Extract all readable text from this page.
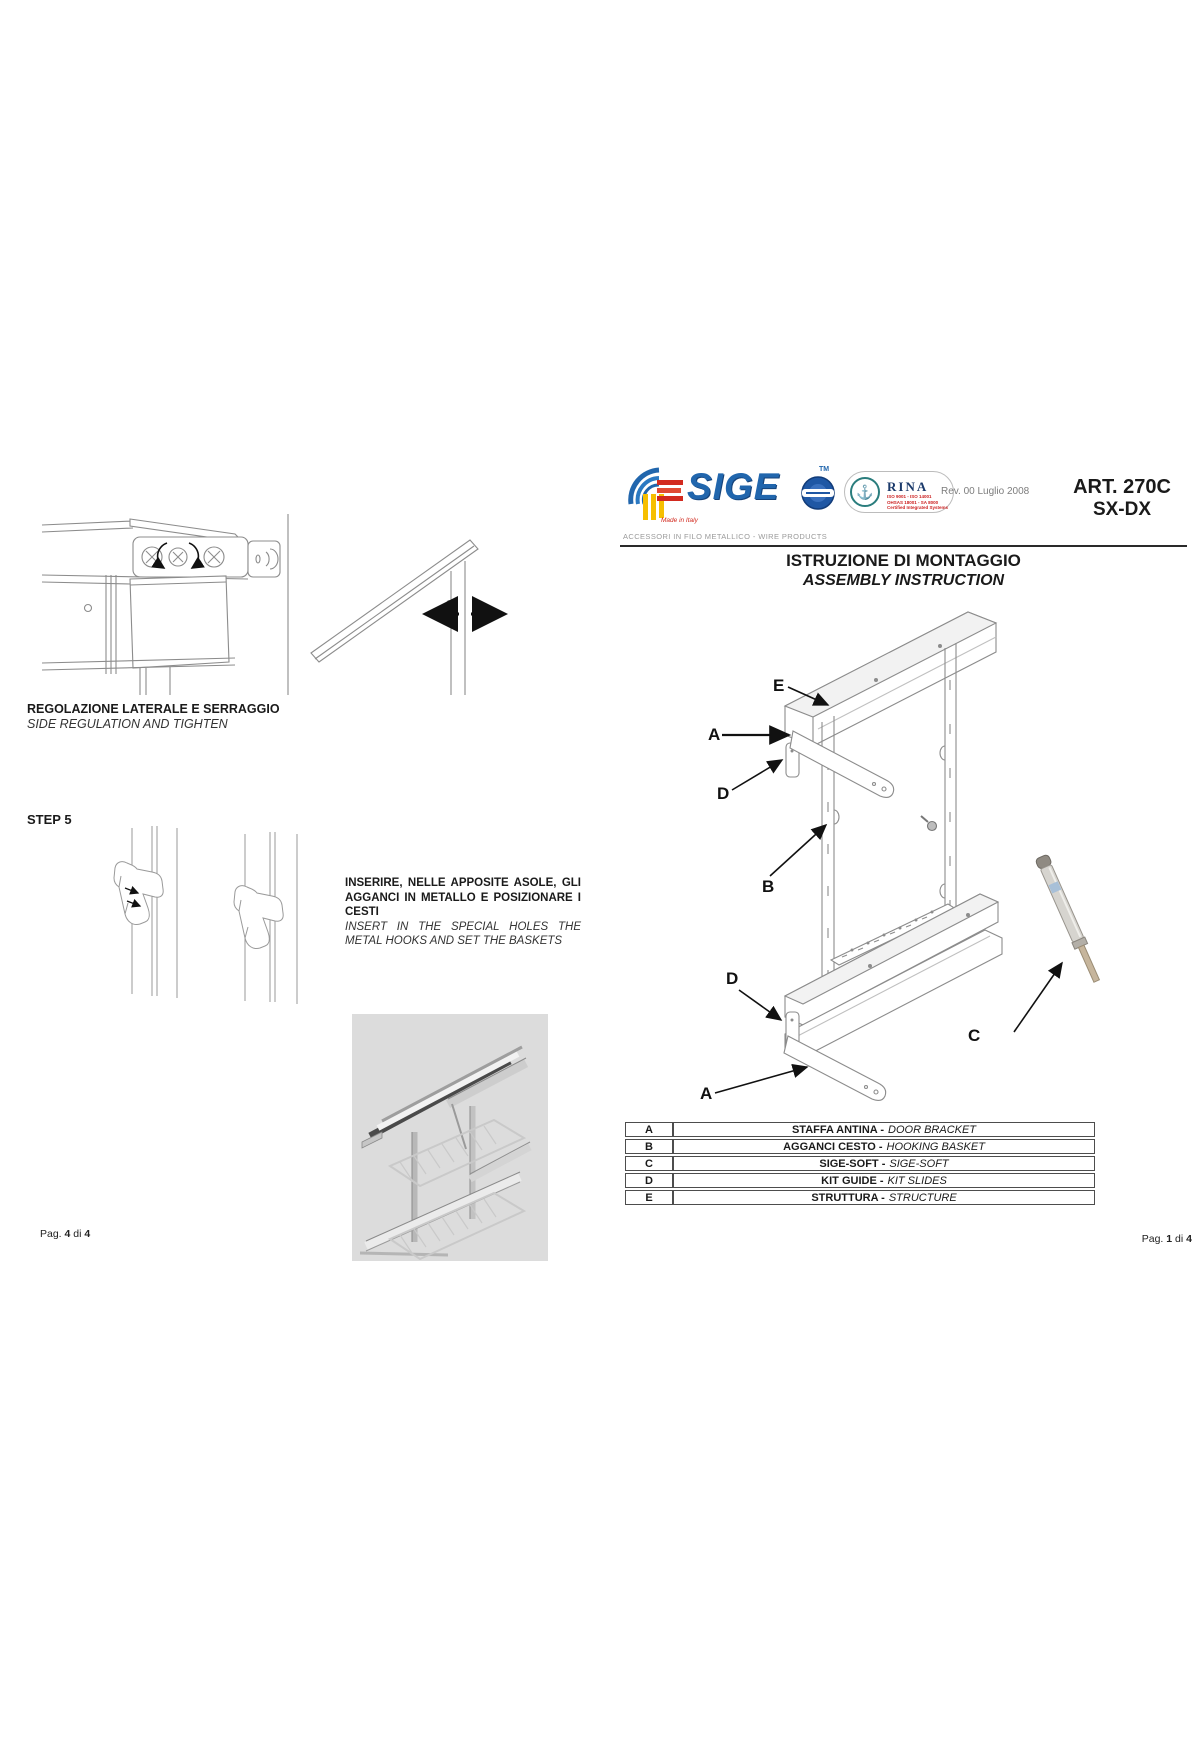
SIGE	TM
Made in Italy
ACCESSORI IN FILO METALLICO - WIRE PRODUCTS
⚓	RINA
ISO 9001 - ISO 14001
OHSAS 18001 - SA 8000
Certified Integrated Systems
Rev. 00 Luglio 2008	ART. 270C
SX-DX
ISTRUZIONE DI MONTAGGIO
ASSEMBLY INSTRUCTION
E
A
D
B
D
C
A
A	STAFFA ANTINA - DOOR BRACKET
B	AGGANCI CESTO - HOOKING BASKET
C	SIGE-SOFT - SIGE-SOFT
D	KIT GUIDE - KIT SLIDES
E	STRUTTURA - STRUCTURE
REGOLAZIONE LATERALE E SERRAGGIO
SIDE REGULATION AND TIGHTEN
STEP 5
INSERIRE, NELLE APPOSITE ASOLE, GLI AGGANCI IN METALLO E POSIZIONARE I CESTI
INSERT IN THE SPECIAL HOLES THE METAL HOOKS AND SET THE BASKETS
Pag. 4 di 4	Pag. 1 di 4
